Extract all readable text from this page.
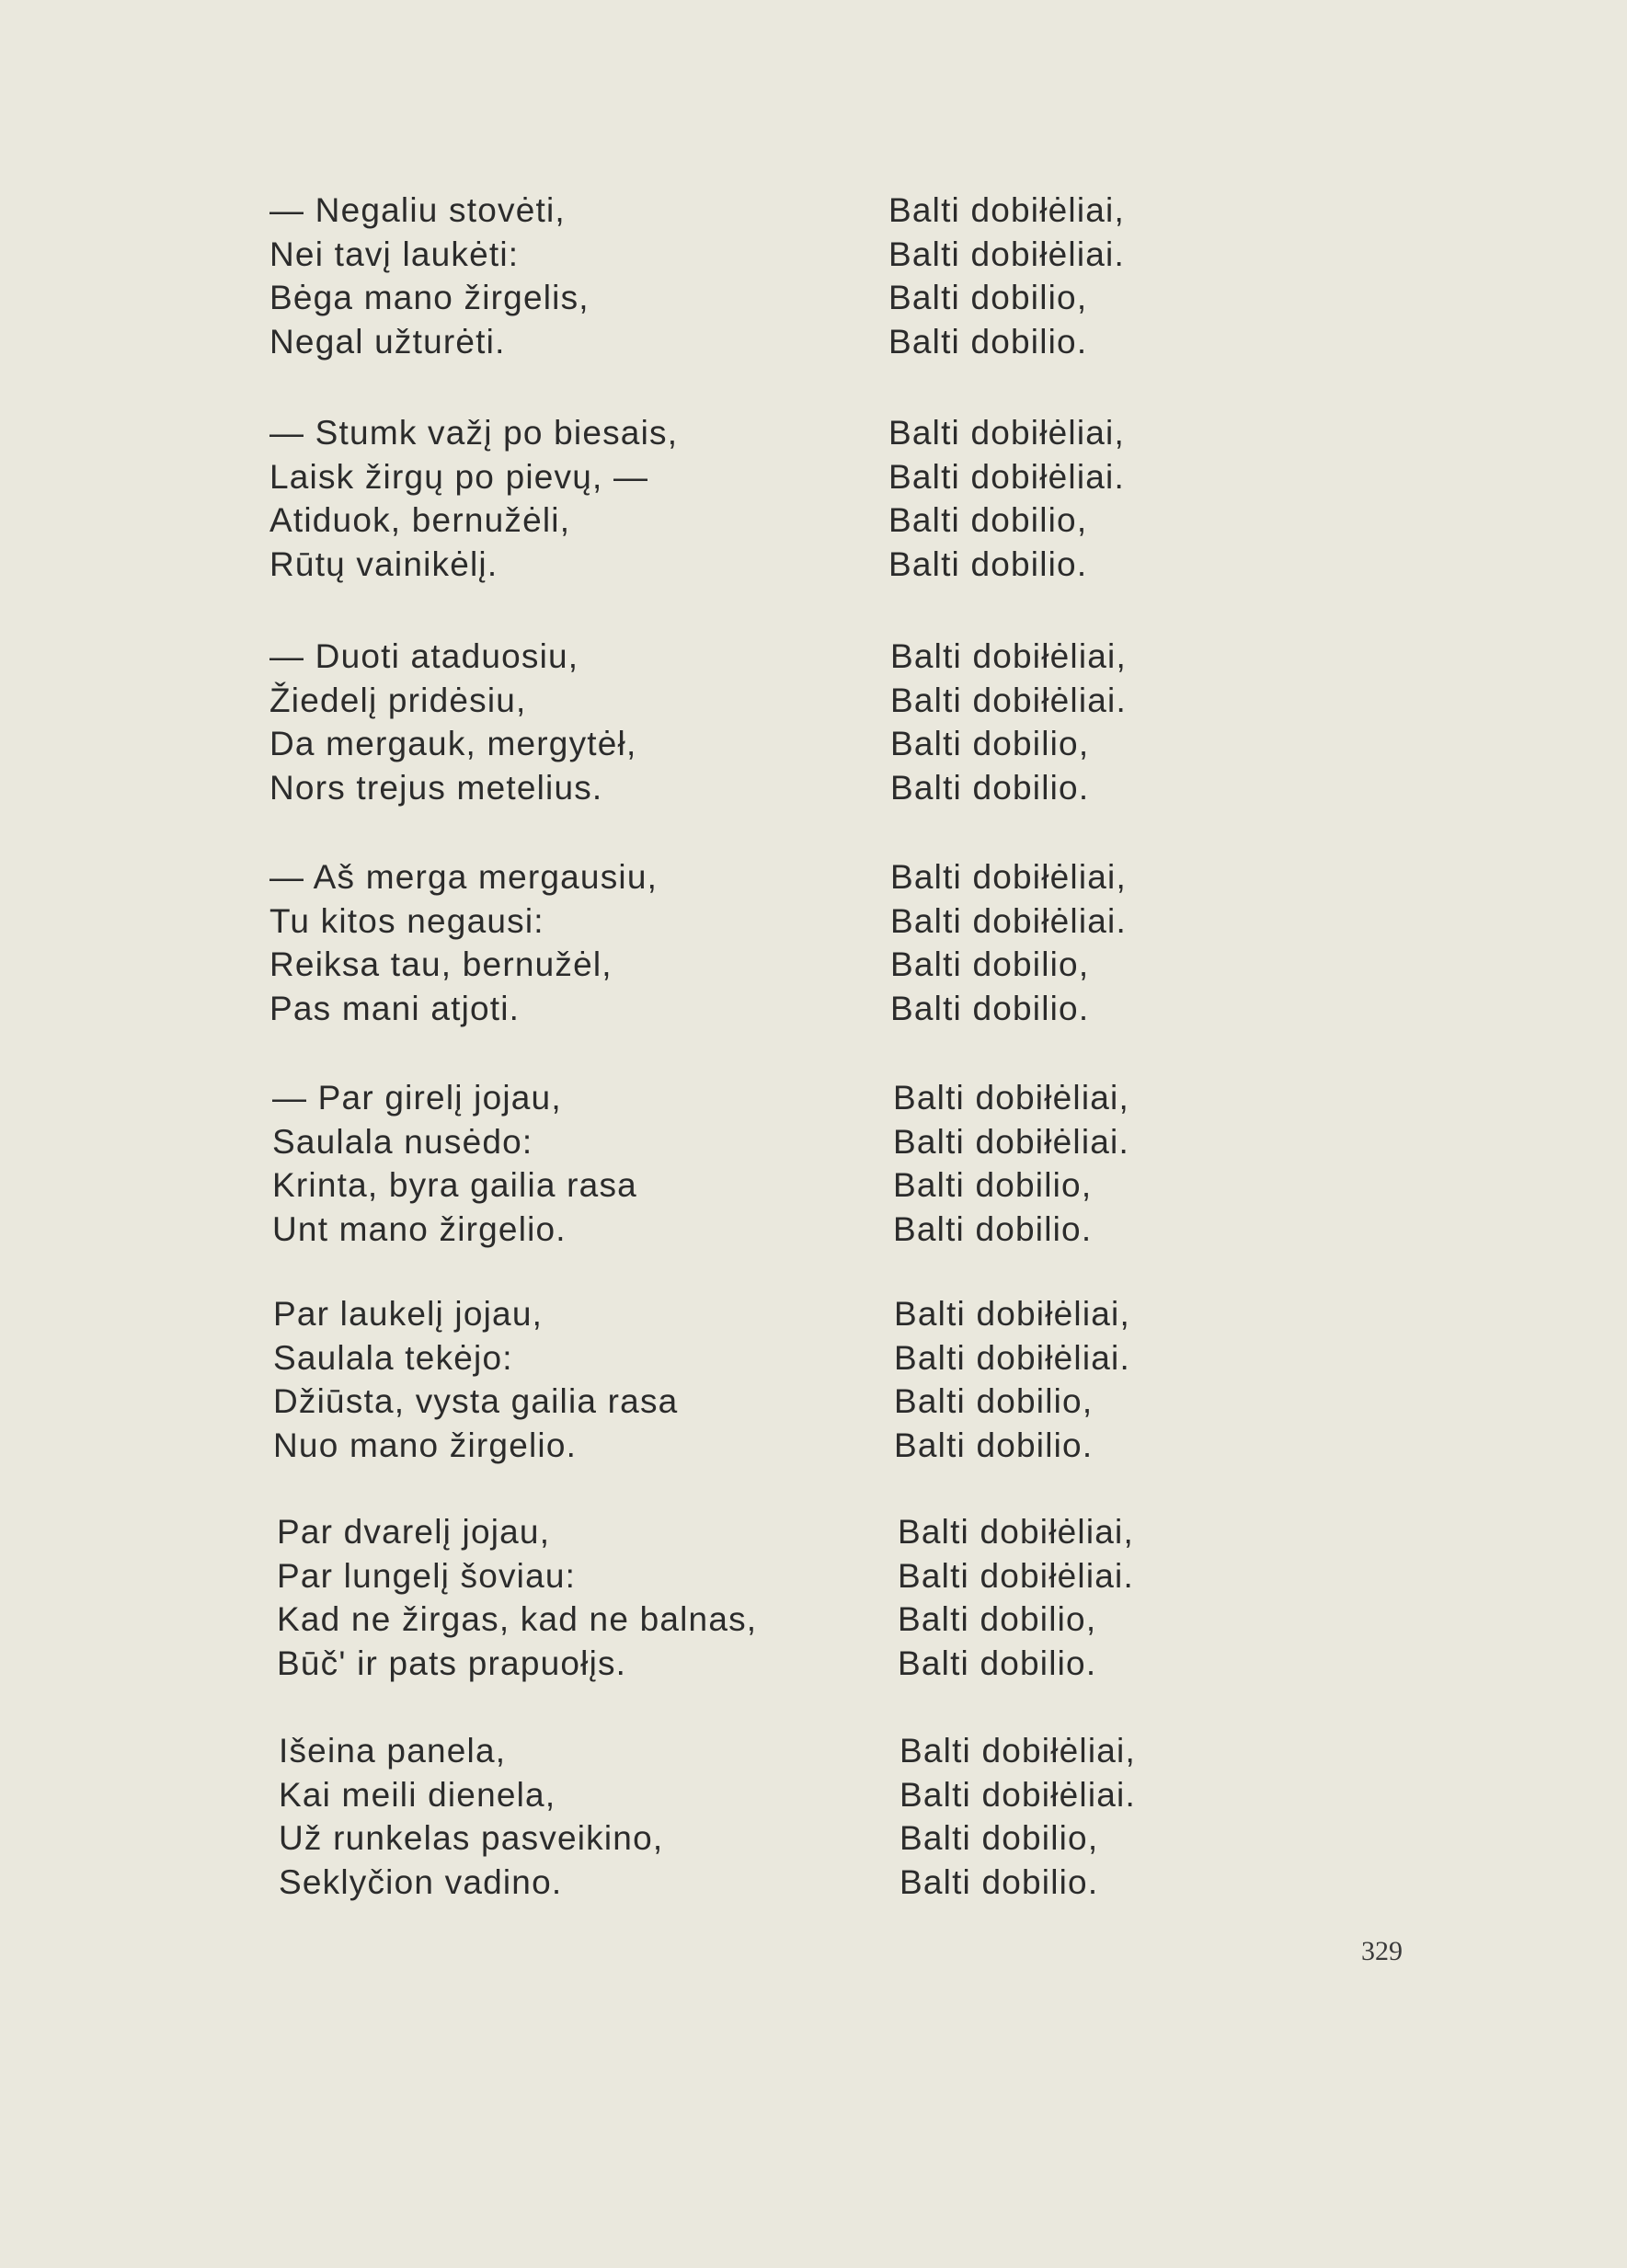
— Negaliu stovėti,	Balti dobiłėliai,
Nei tavį laukėti:	Balti dobiłėliai.
Bėga mano žirgelis,	Balti dobilio,
Negal užturėti.	Balti dobilio.
— Stumk važį po biesais,	Balti dobiłėliai,
Laisk žirgų po pievų, —	Balti dobiłėliai.
Atiduok, bernužėli,	Balti dobilio,
Rūtų vainikėlį.	Balti dobilio.
— Duoti ataduosiu,	Balti dobiłėliai,
Žiedelį pridėsiu,	Balti dobiłėliai.
Da mergauk, mergytėł,	Balti dobilio,
Nors trejus metelius.	Balti dobilio.
— Aš merga mergausiu,	Balti dobiłėliai,
Tu kitos negausi:	Balti dobiłėliai.
Reiksa tau, bernužėl,	Balti dobilio,
Pas mani atjoti.	Balti dobilio.
— Par girelį jojau,	Balti dobiłėliai,
Saulala nusėdo:	Balti dobiłėliai.
Krinta, byra gailia rasa	Balti dobilio,
Unt mano žirgelio.	Balti dobilio.
Par laukelį jojau,	Balti dobiłėliai,
Saulala tekėjo:	Balti dobiłėliai.
Džiūsta, vysta gailia rasa	Balti dobilio,
Nuo mano žirgelio.	Balti dobilio.
Par dvarelį jojau,	Balti dobiłėliai,
Par lungelį šoviau:	Balti dobiłėliai.
Kad ne žirgas, kad ne balnas,	Balti dobilio,
Būč' ir pats prapuołįs.	Balti dobilio.
Išeina panela,	Balti dobiłėliai,
Kai meili dienela,	Balti dobiłėliai.
Už runkelas pasveikino,	Balti dobilio,
Seklyčion vadino.	Balti dobilio.
329
